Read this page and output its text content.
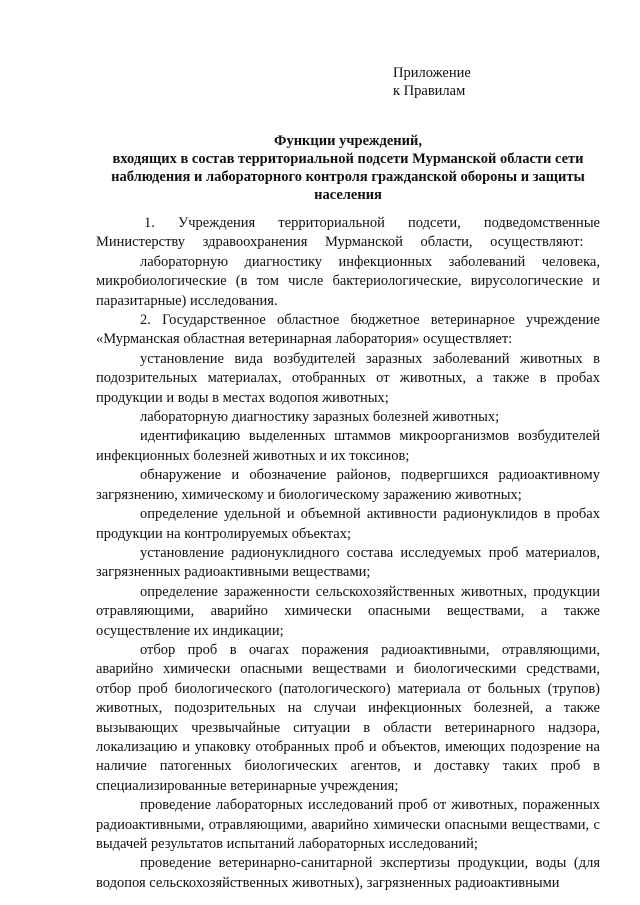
Приложение
к Правилам
Функции учреждений,
входящих в состав территориальной подсети Мурманской области сети
наблюдения и лабораторного контроля гражданской обороны и защиты
населения

1. Учреждения территориальной подсети, подведомственные Министерству здравоохранения Мурманской области, осуществляют:

лабораторную диагностику инфекционных заболеваний человека, микробиологические (в том числе бактериологические, вирусологические и паразитарные) исследования.

2. Государственное областное бюджетное ветеринарное учреждение «Мурманская областная ветеринарная лаборатория» осуществляет:

установление вида возбудителей заразных заболеваний животных в подозрительных материалах, отобранных от животных, а также в пробах продукции и воды в местах водопоя животных;

лабораторную диагностику заразных болезней животных;

идентификацию выделенных штаммов микроорганизмов возбудителей инфекционных болезней животных и их токсинов;

обнаружение и обозначение районов, подвергшихся радиоактивному загрязнению, химическому и биологическому заражению животных;

определение удельной и объемной активности радионуклидов в пробах продукции на контролируемых объектах;

установление радионуклидного состава исследуемых проб материалов, загрязненных радиоактивными веществами;

определение зараженности сельскохозяйственных животных, продукции отравляющими, аварийно химически опасными веществами, а также осуществление их индикации;

отбор проб в очагах поражения радиоактивными, отравляющими, аварийно химически опасными веществами и биологическими средствами, отбор проб биологического (патологического) материала от больных (трупов) животных, подозрительных на случаи инфекционных болезней, а также вызывающих чрезвычайные ситуации в области ветеринарного надзора, локализацию и упаковку отобранных проб и объектов, имеющих подозрение на наличие патогенных биологических агентов, и доставку таких проб в специализированные ветеринарные учреждения;

проведение лабораторных исследований проб от животных, пораженных радиоактивными, отравляющими, аварийно химически опасными веществами, с выдачей результатов испытаний лабораторных исследований;

проведение ветеринарно-санитарной экспертизы продукции, воды (для водопоя сельскохозяйственных животных), загрязненных радиоактивными
